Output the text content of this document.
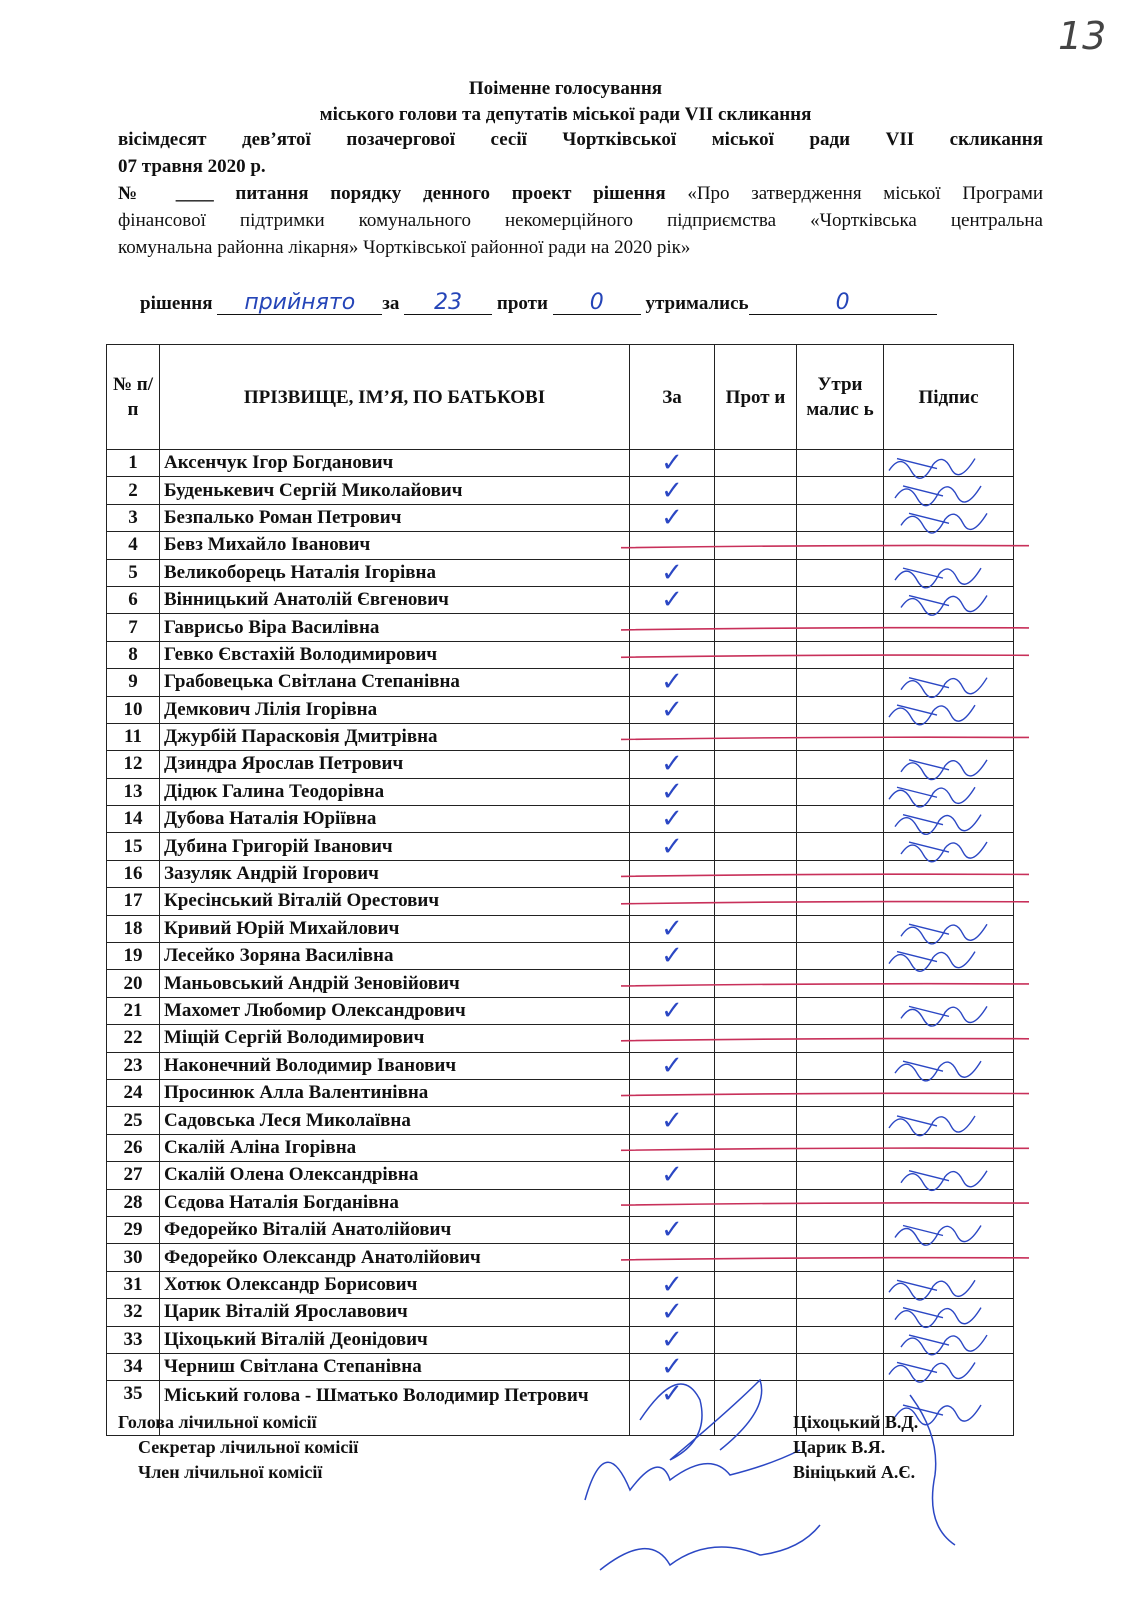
13
Поіменне голосування
міського голови та депутатів міської ради VII скликання
вісімдесят дев’ятої позачергової сесії Чортківської міської ради VII скликання
07 травня 2020 р.
№ ____ питання порядку денного проект рішення «Про затвердження міської Програми
фінансової підтримки комунального некомерційного підприємства «Чортківська центральна
комунальна районна лікарня» Чортківської районної ради на 2020 рік»
рішення прийнято за 23 проти 0 утримались	0
№ п/п	ПРІЗВИЩЕ, ІМ’Я, ПО БАТЬКОВІ	За	Прот и	Утри малис ь	Підпис
1	Аксенчук Ігор Богданович	✓			
2	Буденькевич Сергій Миколайович	✓			
3	Безпалько Роман Петрович	✓			
4	Бевз Михайло Іванович				
5	Великоборець Наталія Ігорівна	✓			
6	Вінницький Анатолій Євгенович	✓			
7	Гаврисьо Віра Василівна				
8	Гевко Євстахій Володимирович				
9	Грабовецька Світлана Степанівна	✓			
10	Демкович Лілія Ігорівна	✓			
11	Джурбій Парасковія Дмитрівна				
12	Дзиндра Ярослав Петрович	✓			
13	Дідюк Галина Теодорівна	✓			
14	Дубова Наталія Юріївна	✓			
15	Дубина Григорій Іванович	✓			
16	Зазуляк Андрій Ігорович				
17	Кресінський Віталій Орестович				
18	Кривий Юрій Михайлович	✓			
19	Лесейко Зоряна Василівна	✓			
20	Маньовський Андрій Зеновійович				
21	Махомет Любомир Олександрович	✓			
22	Міщій Сергій Володимирович				
23	Наконечний Володимир Іванович	✓			
24	Просинюк Алла Валентинівна				
25	Садовська Леся Миколаївна	✓			
26	Скалій Аліна Ігорівна				
27	Скалій Олена Олександрівна	✓			
28	Сєдова Наталія Богданівна				
29	Федорейко Віталій Анатолійович	✓			
30	Федорейко Олександр Анатолійович				
31	Хотюк Олександр Борисович	✓			
32	Царик Віталій Ярославович	✓			
33	Ціхоцький Віталій Деонідович	✓			
34	Черниш Світлана Степанівна	✓			
35	Міський голова - Шматько Володимир Петрович	✓			
Голова лічильної комісії
Секретар лічильної комісії
Член лічильної комісії
Ціхоцький В.Д.
Царик В.Я.
Вініцький А.Є.
